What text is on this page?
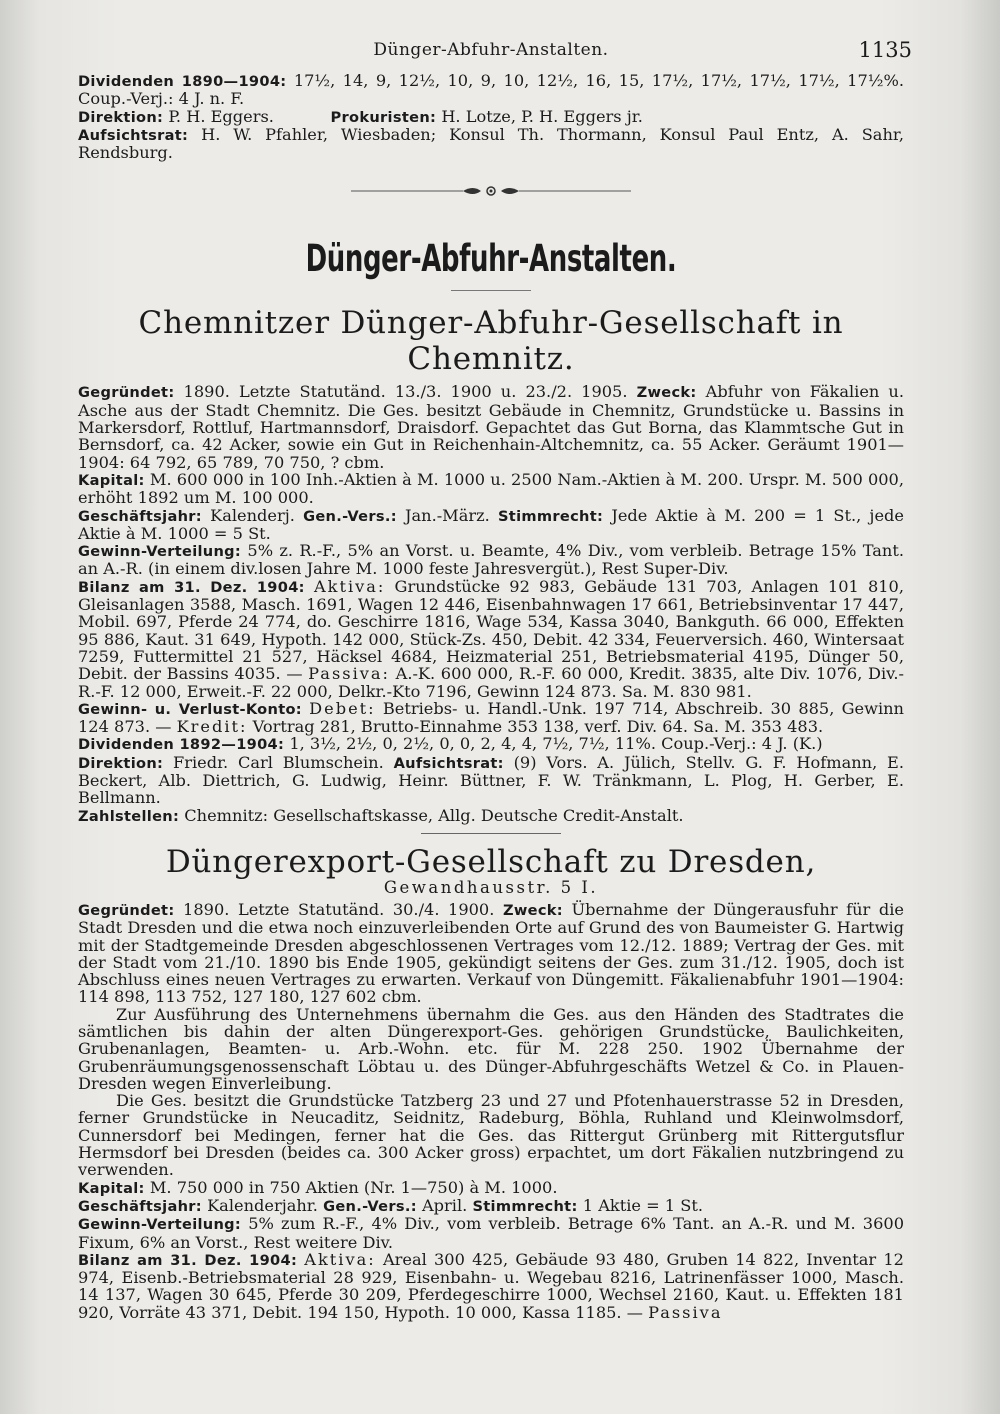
Dünger-Abfuhr-Anstalten.	1135

Dividenden 1890—1904: 17½, 14, 9, 12½, 10, 9, 10, 12½, 16, 15, 17½, 17½, 17½, 17½, 17½%. Coup.-Verj.: 4 J. n. F.

Direktion: P. H. Eggers.	Prokuristen: H. Lotze, P. H. Eggers jr.

Aufsichtsrat: H. W. Pfahler, Wiesbaden; Konsul Th. Thormann, Konsul Paul Entz, A. Sahr, Rendsburg.

Dünger-Abfuhr-Anstalten.
Chemnitzer Dünger-Abfuhr-Gesellschaft in Chemnitz.

Gegründet: 1890. Letzte Statutänd. 13./3. 1900 u. 23./2. 1905. Zweck: Abfuhr von Fäkalien u. Asche aus der Stadt Chemnitz. Die Ges. besitzt Gebäude in Chemnitz, Grundstücke u. Bassins in Markersdorf, Rottluf, Hartmannsdorf, Draisdorf. Gepachtet das Gut Borna, das Klammtsche Gut in Bernsdorf, ca. 42 Acker, sowie ein Gut in Reichenhain-Altchemnitz, ca. 55 Acker. Geräumt 1901—1904: 64 792, 65 789, 70 750, ? cbm.

Kapital: M. 600 000 in 100 Inh.-Aktien à M. 1000 u. 2500 Nam.-Aktien à M. 200. Urspr. M. 500 000, erhöht 1892 um M. 100 000.

Geschäftsjahr: Kalenderj. Gen.-Vers.: Jan.-März. Stimmrecht: Jede Aktie à M. 200 = 1 St., jede Aktie à M. 1000 = 5 St.

Gewinn-Verteilung: 5% z. R.-F., 5% an Vorst. u. Beamte, 4% Div., vom verbleib. Betrage 15% Tant. an A.-R. (in einem div.losen Jahre M. 1000 feste Jahresvergüt.), Rest Super-Div.

Bilanz am 31. Dez. 1904: Aktiva: Grundstücke 92 983, Gebäude 131 703, Anlagen 101 810, Gleisanlagen 3588, Masch. 1691, Wagen 12 446, Eisenbahnwagen 17 661, Betriebsinventar 17 447, Mobil. 697, Pferde 24 774, do. Geschirre 1816, Wage 534, Kassa 3040, Bankguth. 66 000, Effekten 95 886, Kaut. 31 649, Hypoth. 142 000, Stück-Zs. 450, Debit. 42 334, Feuerversich. 460, Wintersaat 7259, Futtermittel 21 527, Häcksel 4684, Heizmaterial 251, Betriebsmaterial 4195, Dünger 50, Debit. der Bassins 4035. — Passiva: A.-K. 600 000, R.-F. 60 000, Kredit. 3835, alte Div. 1076, Div.-R.-F. 12 000, Erweit.-F. 22 000, Delkr.-Kto 7196, Gewinn 124 873. Sa. M. 830 981.

Gewinn- u. Verlust-Konto: Debet: Betriebs- u. Handl.-Unk. 197 714, Abschreib. 30 885, Gewinn 124 873. — Kredit: Vortrag 281, Brutto-Einnahme 353 138, verf. Div. 64. Sa. M. 353 483.

Dividenden 1892—1904: 1, 3½, 2½, 0, 2½, 0, 0, 2, 4, 4, 7½, 7½, 11%. Coup.-Verj.: 4 J. (K.)

Direktion: Friedr. Carl Blumschein. Aufsichtsrat: (9) Vors. A. Jülich, Stellv. G. F. Hofmann, E. Beckert, Alb. Diettrich, G. Ludwig, Heinr. Büttner, F. W. Tränkmann, L. Plog, H. Gerber, E. Bellmann.

Zahlstellen: Chemnitz: Gesellschaftskasse, Allg. Deutsche Credit-Anstalt.

Düngerexport-Gesellschaft zu Dresden,
Gewandhausstr. 5 I.

Gegründet: 1890. Letzte Statutänd. 30./4. 1900. Zweck: Übernahme der Düngerausfuhr für die Stadt Dresden und die etwa noch einzuverleibenden Orte auf Grund des von Baumeister G. Hartwig mit der Stadtgemeinde Dresden abgeschlossenen Vertrages vom 12./12. 1889; Vertrag der Ges. mit der Stadt vom 21./10. 1890 bis Ende 1905, gekündigt seitens der Ges. zum 31./12. 1905, doch ist Abschluss eines neuen Vertrages zu erwarten. Verkauf von Düngemitt. Fäkalienabfuhr 1901—1904: 114 898, 113 752, 127 180, 127 602 cbm.

Zur Ausführung des Unternehmens übernahm die Ges. aus den Händen des Stadtrates die sämtlichen bis dahin der alten Düngerexport-Ges. gehörigen Grundstücke, Baulichkeiten, Grubenanlagen, Beamten- u. Arb.-Wohn. etc. für M. 228 250. 1902 Übernahme der Grubenräumungsgenossenschaft Löbtau u. des Dünger-Abfuhrgeschäfts Wetzel & Co. in Plauen-Dresden wegen Einverleibung.

Die Ges. besitzt die Grundstücke Tatzberg 23 und 27 und Pfotenhauerstrasse 52 in Dresden, ferner Grundstücke in Neucaditz, Seidnitz, Radeburg, Böhla, Ruhland und Kleinwolmsdorf, Cunnersdorf bei Medingen, ferner hat die Ges. das Rittergut Grünberg mit Rittergutsflur Hermsdorf bei Dresden (beides ca. 300 Acker gross) erpachtet, um dort Fäkalien nutzbringend zu verwenden.

Kapital: M. 750 000 in 750 Aktien (Nr. 1—750) à M. 1000.

Geschäftsjahr: Kalenderjahr. Gen.-Vers.: April. Stimmrecht: 1 Aktie = 1 St.

Gewinn-Verteilung: 5% zum R.-F., 4% Div., vom verbleib. Betrage 6% Tant. an A.-R. und M. 3600 Fixum, 6% an Vorst., Rest weitere Div.

Bilanz am 31. Dez. 1904: Aktiva: Areal 300 425, Gebäude 93 480, Gruben 14 822, Inventar 12 974, Eisenb.-Betriebsmaterial 28 929, Eisenbahn- u. Wegebau 8216, Latrinenfässer 1000, Masch. 14 137, Wagen 30 645, Pferde 30 209, Pferdegeschirre 1000, Wechsel 2160, Kaut. u. Effekten 181 920, Vorräte 43 371, Debit. 194 150, Hypoth. 10 000, Kassa 1185. — Passiva
